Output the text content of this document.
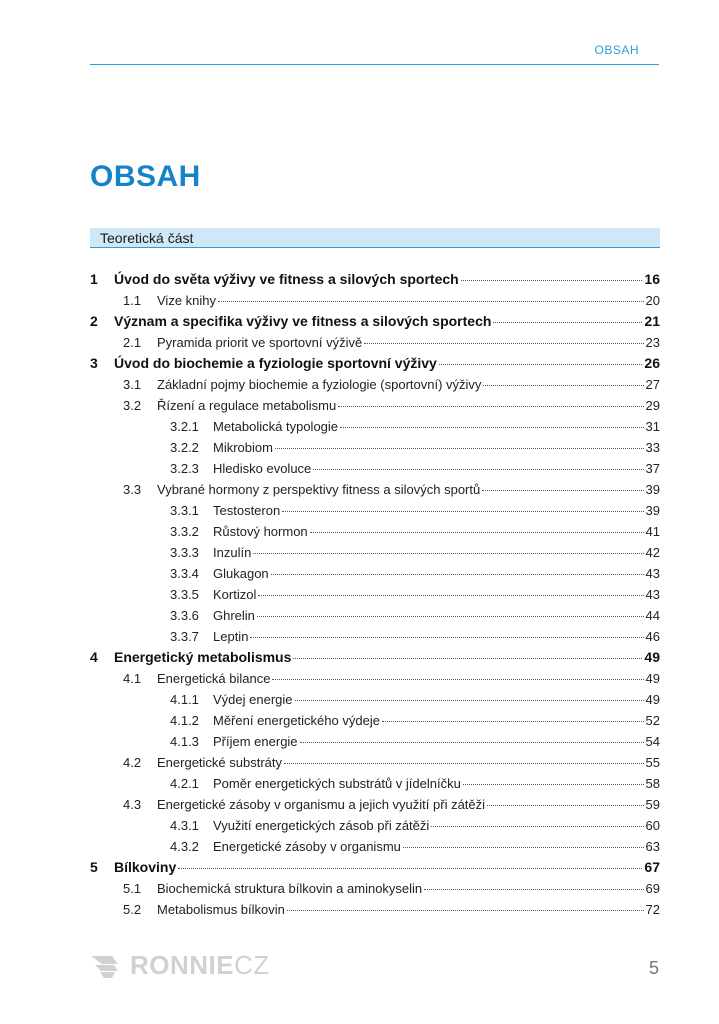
OBSAH
OBSAH
Teoretická část
1	Úvod do světa výživy ve fitness a silových sportech	16
1.1	Vize knihy	20
2	Význam a specifika výživy ve fitness a silových sportech	21
2.1	Pyramida priorit ve sportovní výživě	23
3	Úvod do biochemie a fyziologie sportovní výživy	26
3.1	Základní pojmy biochemie a fyziologie (sportovní) výživy	27
3.2	Řízení a regulace metabolismu	29
3.2.1	Metabolická typologie	31
3.2.2	Mikrobiom	33
3.2.3	Hledisko evoluce	37
3.3	Vybrané hormony z perspektivy fitness a silových sportů	39
3.3.1	Testosteron	39
3.3.2	Růstový hormon	41
3.3.3	Inzulín	42
3.3.4	Glukagon	43
3.3.5	Kortizol	43
3.3.6	Ghrelin	44
3.3.7	Leptin	46
4	Energetický metabolismus	49
4.1	Energetická bilance	49
4.1.1	Výdej energie	49
4.1.2	Měření energetického výdeje	52
4.1.3	Příjem energie	54
4.2	Energetické substráty	55
4.2.1	Poměr energetických substrátů v jídelníčku	58
4.3	Energetické zásoby v organismu a jejich využití při zátěži	59
4.3.1	Využití energetických zásob při zátěži	60
4.3.2	Energetické zásoby v organismu	63
5	Bílkoviny	67
5.1	Biochemická struktura bílkovin a aminokyselin	69
5.2	Metabolismus bílkovin	72
RONNIECZ	5
